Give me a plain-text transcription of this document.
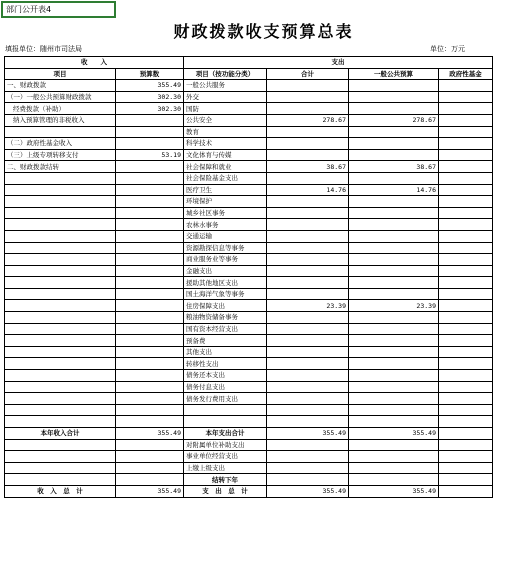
部门公开表4
财政拨款收支预算总表
填报单位：随州市司法局	单位：万元
收　　入		支出			
项目	预算数	项目（按功能分类）	合计	一般公共预算	政府性基金
一、财政拨款	355.49	一般公共服务			
（一）一般公共预算财政拨款	302.30	外交			
经费拨款（补助）	302.30	国防			
纳入预算管理的非税收入		公共安全	278.67	278.67	
		教育			
（二）政府性基金收入		科学技术			
（三）上级专项转移支付	53.19	文化体育与传媒			
二、财政拨款结转		社会保障和就业	38.67	38.67	
		社会保险基金支出			
		医疗卫生	14.76	14.76	
		环境保护			
		城乡社区事务			
		农林水事务			
		交通运输			
		资源勘探信息等事务			
		商业服务业等事务			
		金融支出			
		援助其他地区支出			
		国土海洋气象等事务			
		住房保障支出	23.39	23.39	
		粮油物资储备事务			
		国有资本经营支出			
		预备费			
		其他支出			
		转移性支出			
		债务还本支出			
		债务付息支出			
		债务发行费用支出			

本年收入合计	355.49	本年支出合计	355.49	355.49	
		对附属单位补助支出			
		事业单位经营支出			
		上缴上级支出			
		结转下年			
收　入　总　计	355.49	支　出　总　计	355.49	355.49	
